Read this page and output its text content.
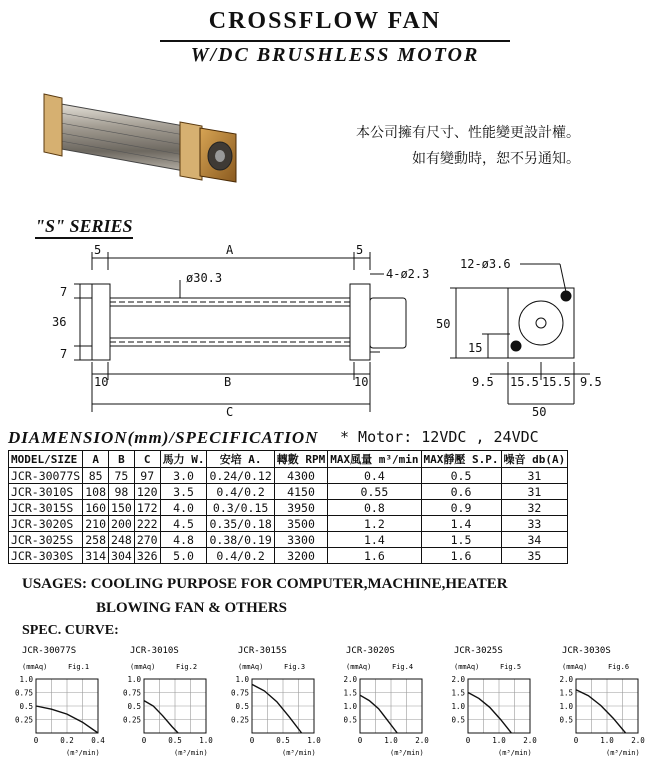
CROSSFLOW FAN
W/DC BRUSHLESS MOTOR
本公司擁有尺寸、性能變更設計權。
如有變動時，恕不另通知。
"S" SERIES
5	A	5
4-ø2.3
ø30.3
7
36
7
10	B	10
C
12-ø3.6
50
15
9.5 15.5 15.5 9.5
50
DIAMENSION(mm)/SPECIFICATION * Motor: 12VDC , 24VDC
MODEL/SIZE	A	B	C	馬力 W.	安培 A.	轉數 RPM	MAX風量 m³/min	MAX靜壓 S.P.	噪音 db(A)
JCR-30077S	85	75	97	3.0	0.24/0.12	4300	0.4	0.5	31
JCR-3010S	108	98	120	3.5	0.4/0.2	4150	0.55	0.6	31
JCR-3015S	160	150	172	4.0	0.3/0.15	3950	0.8	0.9	32
JCR-3020S	210	200	222	4.5	0.35/0.18	3500	1.2	1.4	33
JCR-3025S	258	248	270	4.8	0.38/0.19	3300	1.4	1.5	34
JCR-3030S	314	304	326	5.0	0.4/0.2	3200	1.6	1.6	35
USAGES: COOLING PURPOSE FOR COMPUTER,MACHINE,HEATER
BLOWING FAN & OTHERS
SPEC. CURVE:
JCR-30077S
(mmAq)	Fig.1
1.0
0.75
0.5
0.25
0	0.2 0.4
(m³/min)
JCR-3010S
(mmAq)	Fig.2
1.0
0.75
0.5
0.25
0	0.5 1.0
(m³/min)
JCR-3015S
(mmAq)	Fig.3
1.0
0.75
0.5
0.25
0	0.5 1.0
(m³/min)
JCR-3020S
(mmAq)	Fig.4
2.0
1.5
1.0
0.5
0	1.0 2.0
(m³/min)
JCR-3025S
(mmAq)	Fig.5
2.0
1.5
1.0
0.5
0	1.0 2.0
(m³/min)
JCR-3030S
(mmAq)	Fig.6
2.0
1.5
1.0
0.5
0	1.0 2.0
(m³/min)
